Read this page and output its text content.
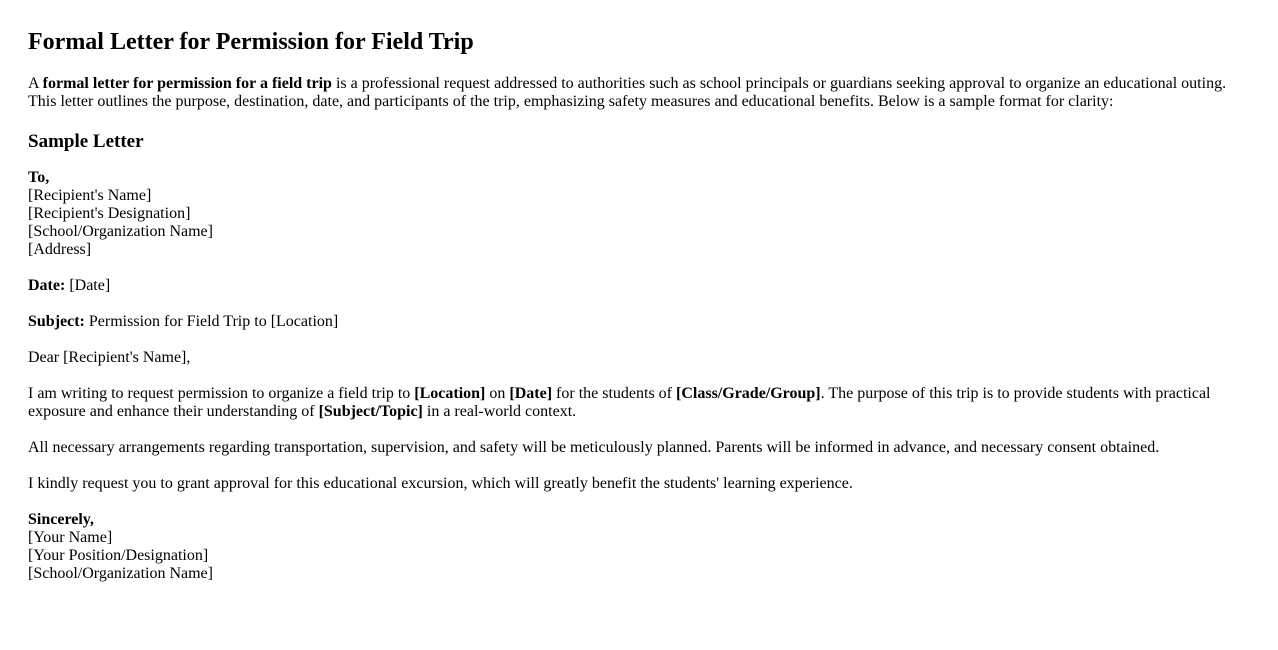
Formal Letter for Permission for Field Trip

A formal letter for permission for a field trip is a professional request addressed to authorities such as school principals or guardians seeking approval to organize an educational outing. This letter outlines the purpose, destination, date, and participants of the trip, emphasizing safety measures and educational benefits. Below is a sample format for clarity:

Sample Letter

To,
[Recipient's Name]
[Recipient's Designation]
[School/Organization Name]
[Address]

Date: [Date]

Subject: Permission for Field Trip to [Location]

Dear [Recipient's Name],

I am writing to request permission to organize a field trip to [Location] on [Date] for the students of [Class/Grade/Group]. The purpose of this trip is to provide students with practical exposure and enhance their understanding of [Subject/Topic] in a real-world context.

All necessary arrangements regarding transportation, supervision, and safety will be meticulously planned. Parents will be informed in advance, and necessary consent obtained.

I kindly request you to grant approval for this educational excursion, which will greatly benefit the students' learning experience.

Sincerely,
[Your Name]
[Your Position/Designation]
[School/Organization Name]
